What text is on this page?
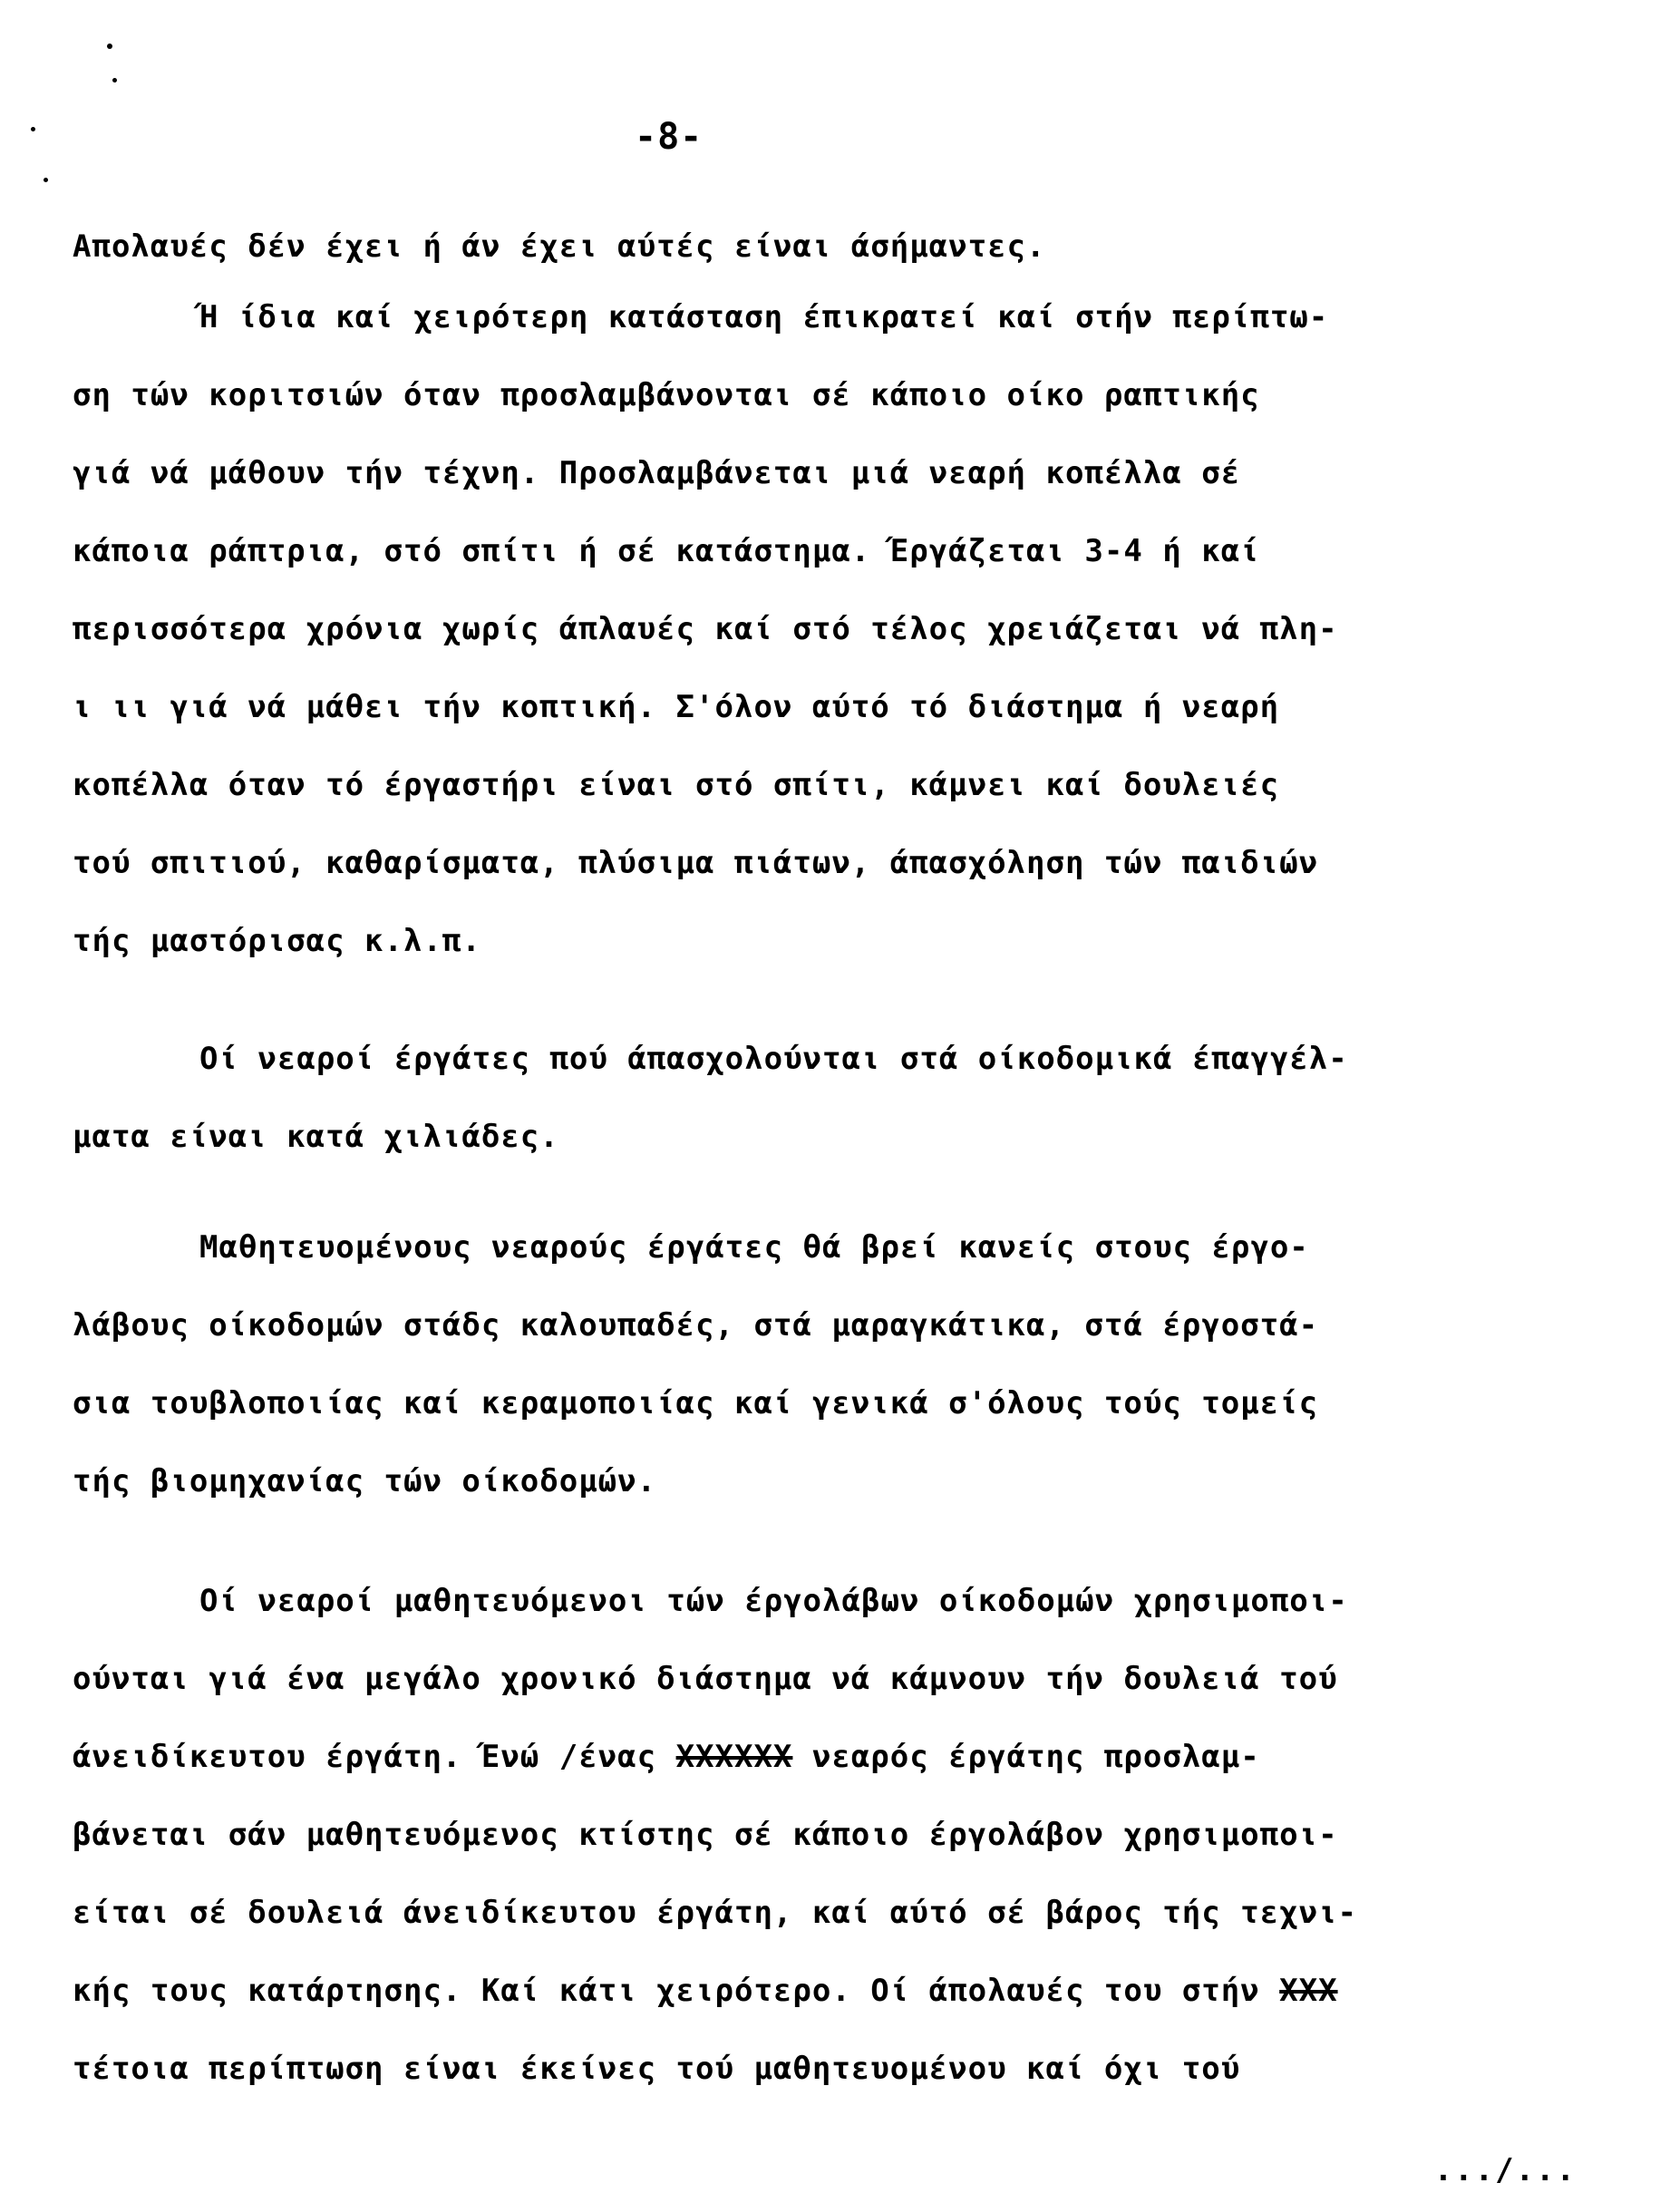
-8-
Απολαυές δέν έχει ή άν έχει αύτές είναι άσήμαντες.
Ή ίδια καί χειρότερη κατάσταση έπικρατεί καί στήν περίπτω-
ση τών κοριτσιών όταν προσλαμβάνονται σέ κάποιο οίκο ραπτικής
γιά νά μάθουν τήν τέχνη. Προσλαμβάνεται μιά νεαρή κοπέλλα σέ
κάποια ράπτρια, στό σπίτι ή σέ κατάστημα. Έργάζεται 3-4 ή καί
περισσότερα χρόνια χωρίς άπλαυές καί στό τέλος χρειάζεται νά πλη-
ι ιι γιά νά μάθει τήν κοπτική. Σ'όλον αύτό τό διάστημα ή νεαρή
κοπέλλα όταν τό έργαστήρι είναι στό σπίτι, κάμνει καί δουλειές
τού σπιτιού, καθαρίσματα, πλύσιμα πιάτων, άπασχόληση τών παιδιών
τής μαστόρισας κ.λ.π.
Οί νεαροί έργάτες πού άπασχολούνται στά οίκοδομικά έπαγγέλ-
ματα είναι κατά χιλιάδες.
Μαθητευομένους νεαρούς έργάτες θά βρεί κανείς στους έργο-
λάβους οίκοδομών στάδς καλουπαδές, στά μαραγκάτικα, στά έργοστά-
σια τουβλοποιίας καί κεραμοποιίας καί γενικά σ'όλους τούς τομείς
τής βιομηχανίας τών οίκοδομών.
Οί νεαροί μαθητευόμενοι τών έργολάβων οίκοδομών χρησιμοποι-
ούνται γιά ένα μεγάλο χρονικό διάστημα νά κάμνουν τήν δουλειά τού
άνειδίκευτου έργάτη. Ένώ /ένας ΧΧΧΧΧΧ νεαρός έργάτης προσλαμ-
βάνεται σάν μαθητευόμενος κτίστης σέ κάποιο έργολάβον χρησιμοποι-
είται σέ δουλειά άνειδίκευτου έργάτη, καί αύτό σέ βάρος τής τεχνι-
κής τους κατάρτησης. Καί κάτι χειρότερο. Οί άπολαυές του στήν ΧΧΧ
τέτοια περίπτωση είναι έκείνες τού μαθητευομένου καί όχι τού
.../...
